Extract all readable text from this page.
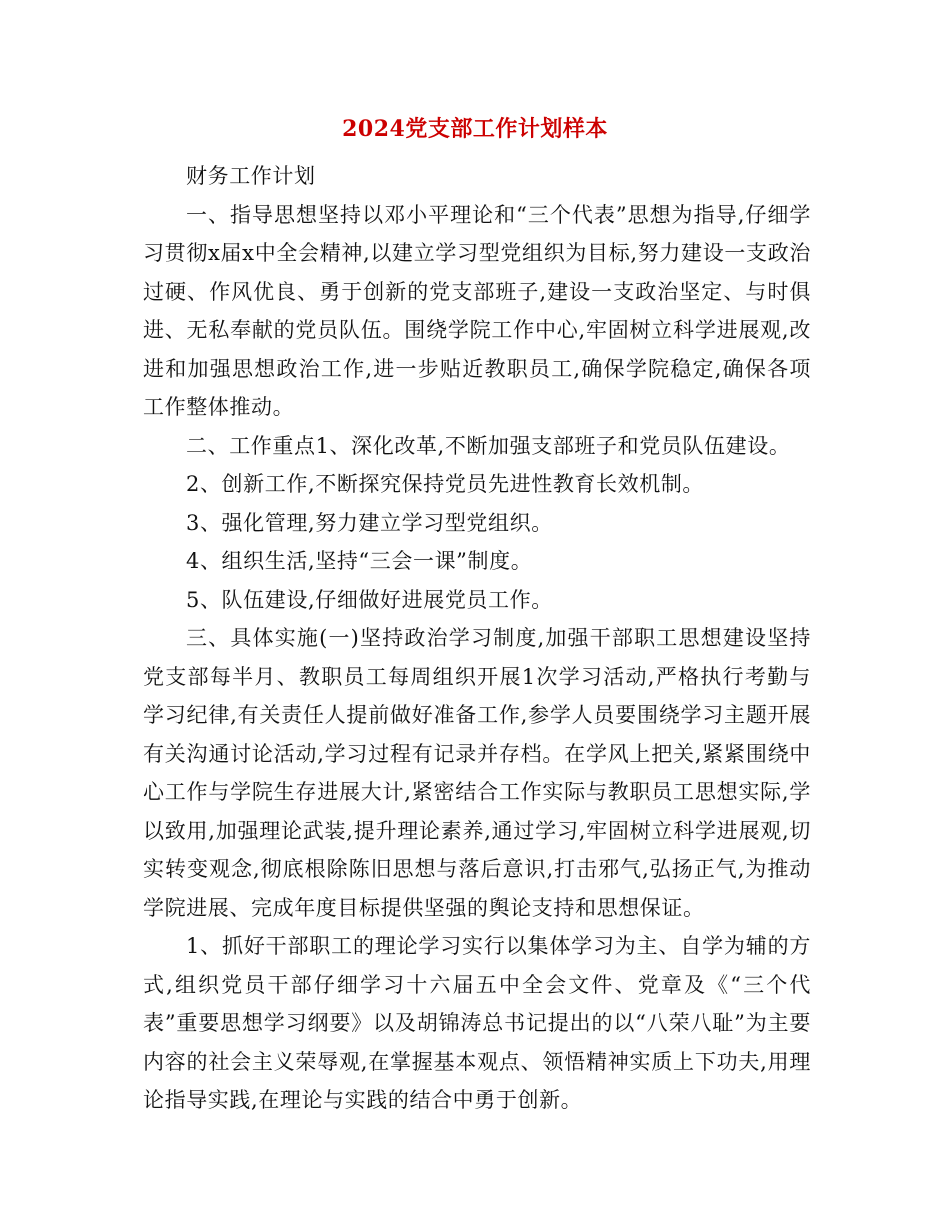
2024党支部工作计划样本

财务工作计划

一、指导思想坚持以邓小平理论和“三个代表”思想为指导,仔细学习贯彻x届x中全会精神,以建立学习型党组织为目标,努力建设一支政治过硬、作风优良、勇于创新的党支部班子,建设一支政治坚定、与时俱进、无私奉献的党员队伍。围绕学院工作中心,牢固树立科学进展观,改进和加强思想政治工作,进一步贴近教职员工,确保学院稳定,确保各项工作整体推动。

二、工作重点1、深化改革,不断加强支部班子和党员队伍建设。

2、创新工作,不断探究保持党员先进性教育长效机制。

3、强化管理,努力建立学习型党组织。

4、组织生活,坚持“三会一课”制度。

5、队伍建设,仔细做好进展党员工作。

三、具体实施(一)坚持政治学习制度,加强干部职工思想建设坚持党支部每半月、教职员工每周组织开展1次学习活动,严格执行考勤与学习纪律,有关责任人提前做好准备工作,参学人员要围绕学习主题开展有关沟通讨论活动,学习过程有记录并存档。在学风上把关,紧紧围绕中心工作与学院生存进展大计,紧密结合工作实际与教职员工思想实际,学以致用,加强理论武装,提升理论素养,通过学习,牢固树立科学进展观,切实转变观念,彻底根除陈旧思想与落后意识,打击邪气,弘扬正气,为推动学院进展、完成年度目标提供坚强的舆论支持和思想保证。

1、抓好干部职工的理论学习实行以集体学习为主、自学为辅的方式,组织党员干部仔细学习十六届五中全会文件、党章及《“三个代表”重要思想学习纲要》以及胡锦涛总书记提出的以“八荣八耻”为主要内容的社会主义荣辱观,在掌握基本观点、领悟精神实质上下功夫,用理论指导实践,在理论与实践的结合中勇于创新。
